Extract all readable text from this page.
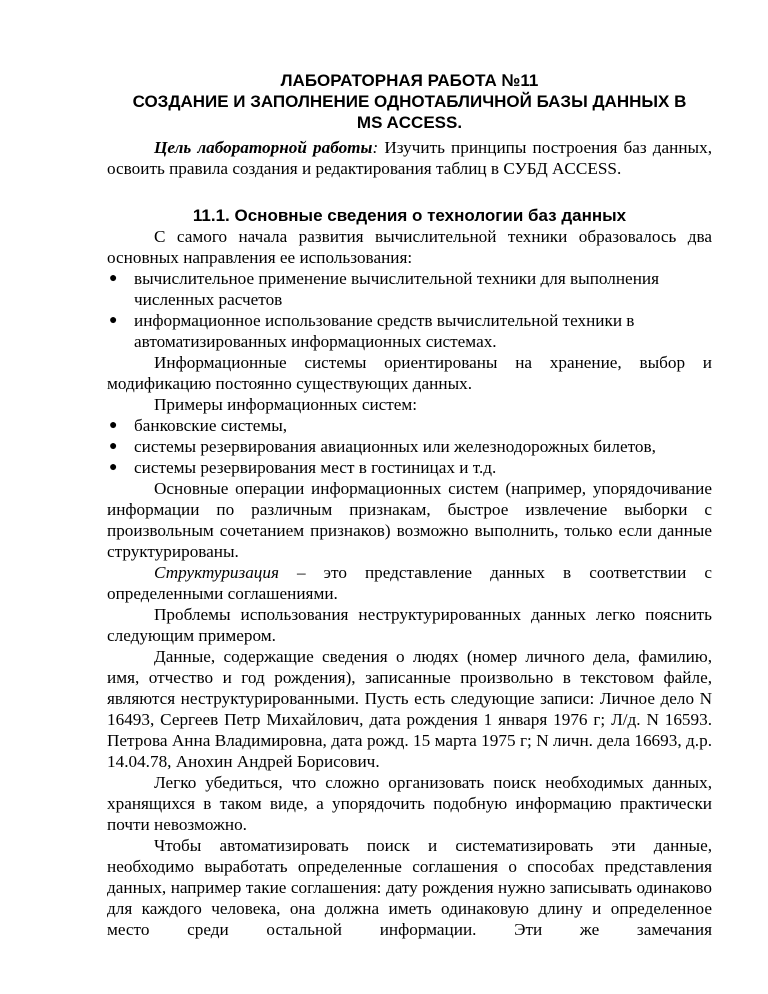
ЛАБОРАТОРНАЯ РАБОТА №11
СОЗДАНИЕ И ЗАПОЛНЕНИЕ ОДНОТАБЛИЧНОЙ БАЗЫ ДАННЫХ В
MS ACCESS.

Цель лабораторной работы: Изучить принципы построения баз данных, освоить правила создания и редактирования таблиц в СУБД ACCESS.

11.1. Основные сведения о технологии баз данных

С самого начала развития вычислительной техники образовалось два основных направления ее использования:

● вычислительное применение вычислительной техники для выполнения численных расчетов
● информационное использование средств вычислительной техники в автоматизированных информационных системах.

Информационные системы ориентированы на хранение, выбор и модификацию постоянно существующих данных.

Примеры информационных систем:

● банковские системы,
● системы резервирования авиационных или железнодорожных билетов,
● системы резервирования мест в гостиницах и т.д.

Основные операции информационных систем (например, упорядочивание информации по различным признакам, быстрое извлечение выборки с произвольным сочетанием признаков) возможно выполнить, только если данные структурированы.

Структуризация – это представление данных в соответствии с определенными соглашениями.

Проблемы использования неструктурированных данных легко пояснить следующим примером.

Данные, содержащие сведения о людях (номер личного дела, фамилию, имя, отчество и год рождения), записанные произвольно в текстовом файле, являются неструктурированными. Пусть есть следующие записи: Личное дело N 16493, Сергеев Петр Михайлович, дата рождения 1 января 1976 г; Л/д. N 16593. Петрова Анна Владимировна, дата рожд. 15 марта 1975 г; N личн. дела 16693, д.р. 14.04.78, Анохин Андрей Борисович.

Легко убедиться, что сложно организовать поиск необходимых данных, хранящихся в таком виде, а упорядочить подобную информацию практически почти невозможно.

Чтобы автоматизировать поиск и систематизировать эти данные, необходимо выработать определенные соглашения о способах представления данных, например такие соглашения: дату рождения нужно записывать одинаково для каждого человека, она должна иметь одинаковую длину и определенное место среди остальной информации. Эти же замечания
